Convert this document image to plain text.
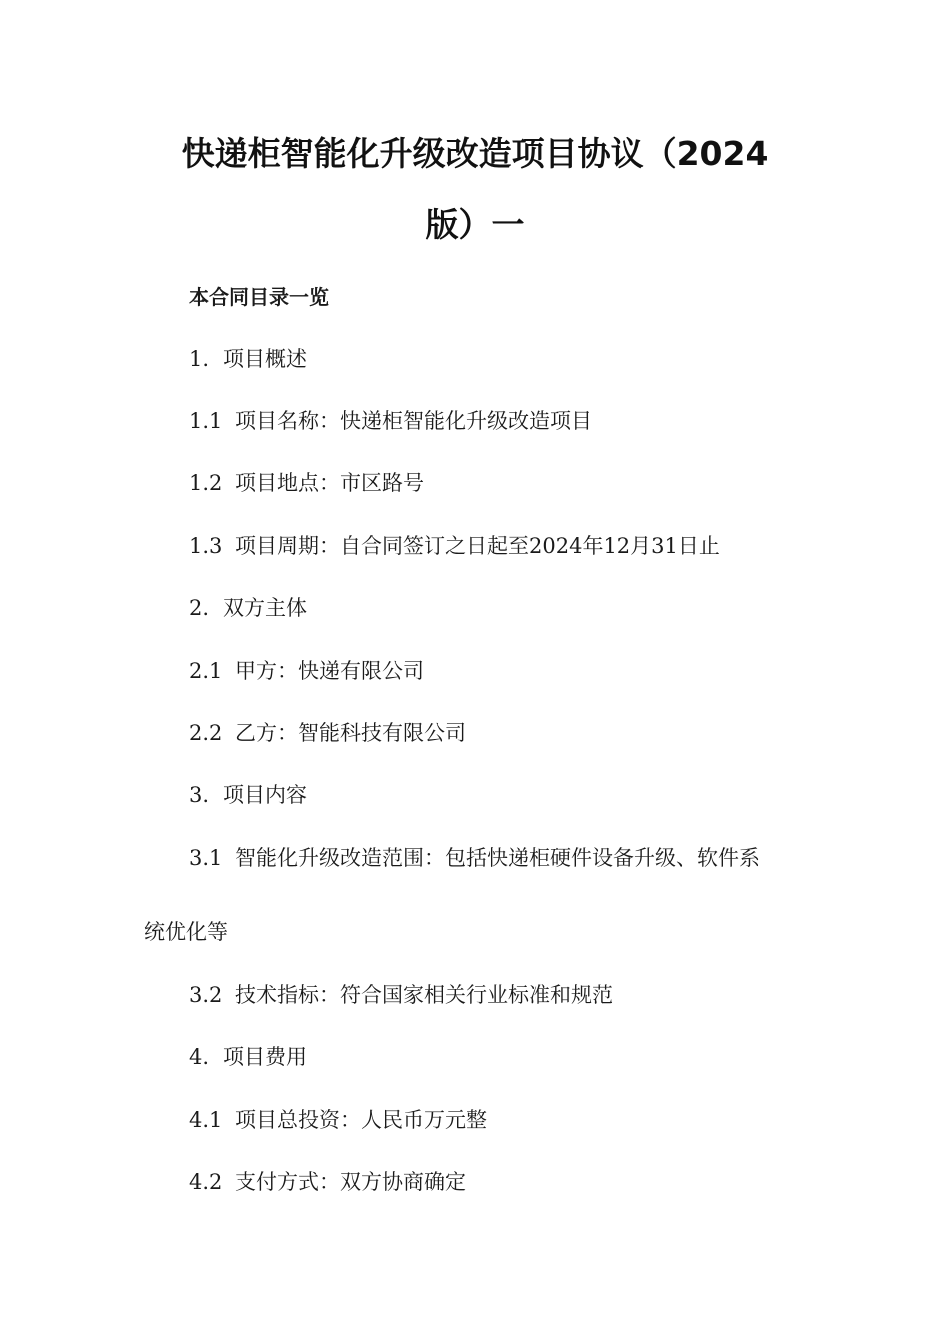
快递柜智能化升级改造项目协议（2024
版）一
本合同目录一览
1. 项目概述
1.1 项目名称：快递柜智能化升级改造项目
1.2 项目地点：市区路号
1.3 项目周期：自合同签订之日起至2024年12月31日止
2. 双方主体
2.1 甲方：快递有限公司
2.2 乙方：智能科技有限公司
3. 项目内容
3.1 智能化升级改造范围：包括快递柜硬件设备升级、软件系
统优化等
3.2 技术指标：符合国家相关行业标准和规范
4. 项目费用
4.1 项目总投资：人民币万元整
4.2 支付方式：双方协商确定
